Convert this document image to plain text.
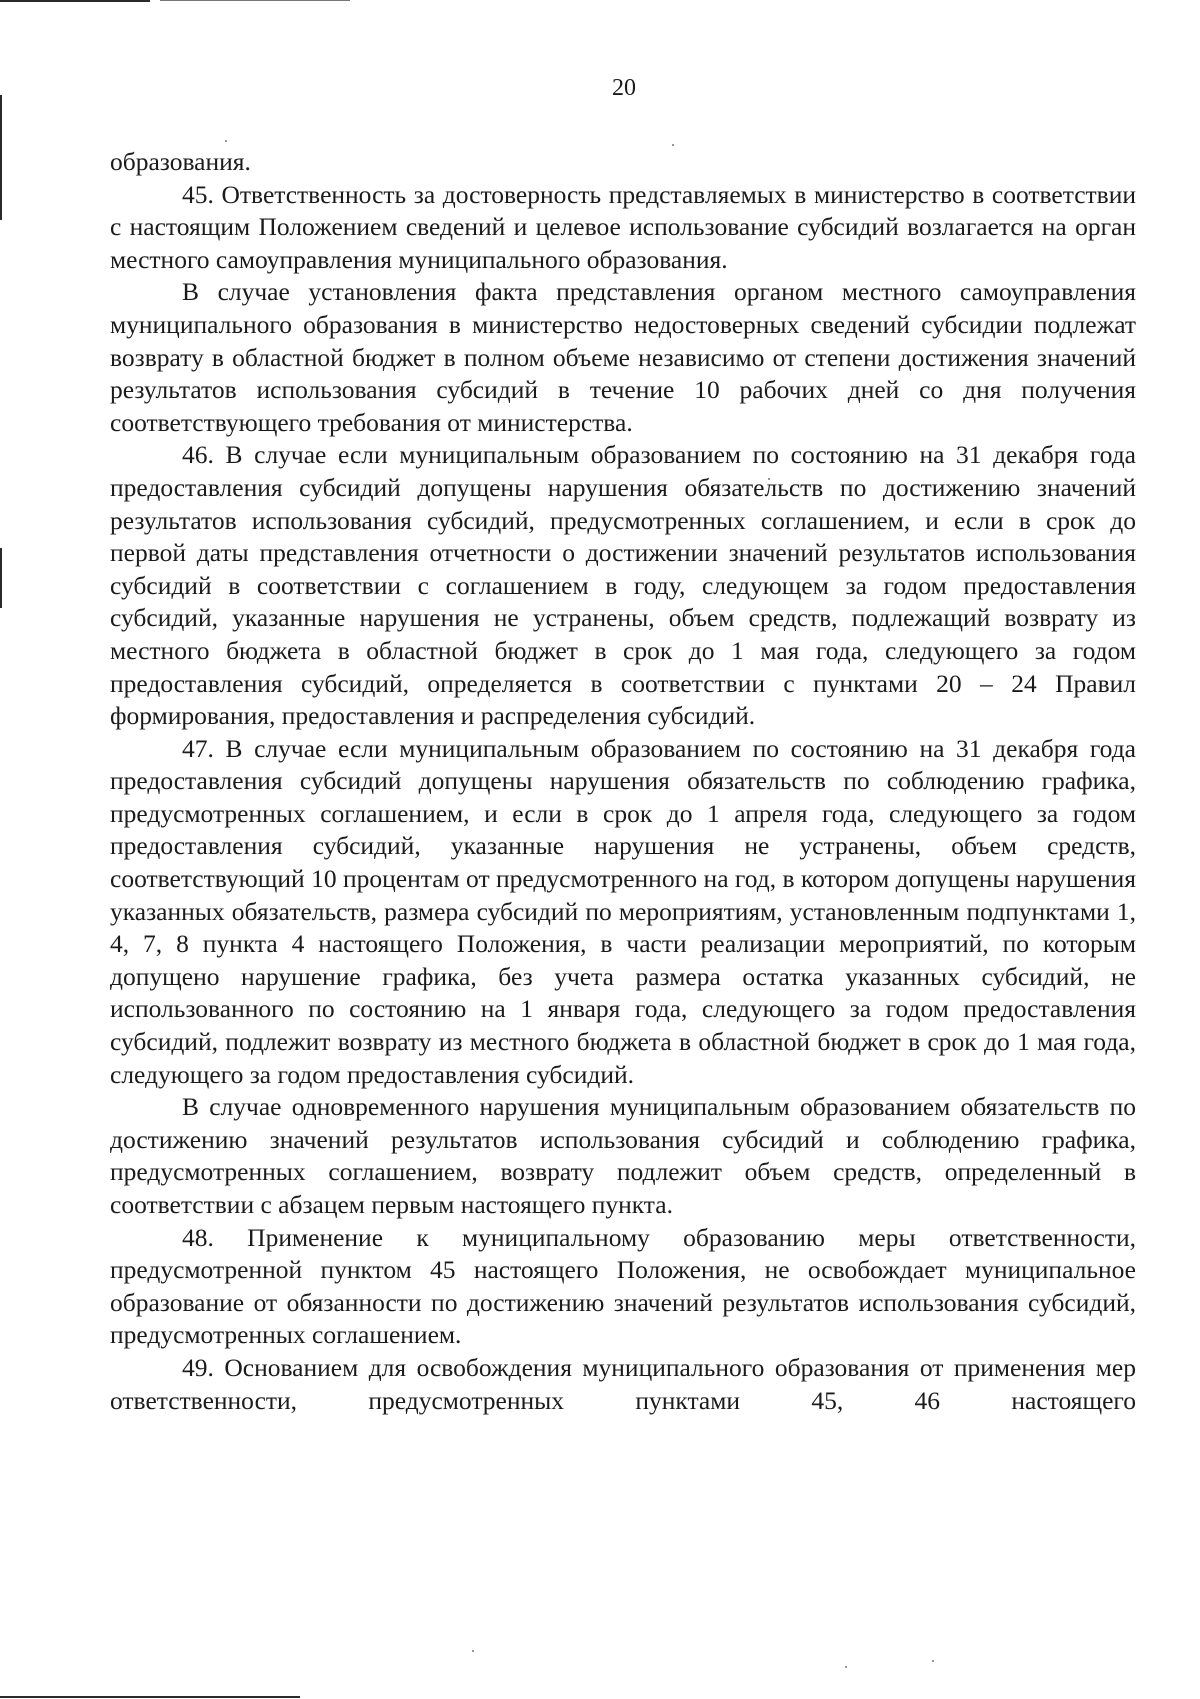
20

образования.

45. Ответственность за достоверность представляемых в министерство в соответствии с настоящим Положением сведений и целевое использование субсидий возлагается на орган местного самоуправления муниципального образования.

В случае установления факта представления органом местного самоуправления муниципального образования в министерство недостоверных сведений субсидии подлежат возврату в областной бюджет в полном объеме независимо от степени достижения значений результатов использования субсидий в течение 10 рабочих дней со дня получения соответствующего требования от министерства.

46. В случае если муниципальным образованием по состоянию на 31 декабря года предоставления субсидий допущены нарушения обязательств по достижению значений результатов использования субсидий, предусмотренных соглашением, и если в срок до первой даты представления отчетности о достижении значений результатов использования субсидий в соответствии с соглашением в году, следующем за годом предоставления субсидий, указанные нарушения не устранены, объем средств, подлежащий возврату из местного бюджета в областной бюджет в срок до 1 мая года, следующего за годом предоставления субсидий, определяется в соответствии с пунктами 20 – 24 Правил формирования, предоставления и распределения субсидий.

47. В случае если муниципальным образованием по состоянию на 31 декабря года предоставления субсидий допущены нарушения обязательств по соблюдению графика, предусмотренных соглашением, и если в срок до 1 апреля года, следующего за годом предоставления субсидий, указанные нарушения не устранены, объем средств, соответствующий 10 процентам от предусмотренного на год, в котором допущены нарушения указанных обязательств, размера субсидий по мероприятиям, установленным подпунктами 1, 4, 7, 8 пункта 4 настоящего Положения, в части реализации мероприятий, по которым допущено нарушение графика, без учета размера остатка указанных субсидий, не использованного по состоянию на 1 января года, следующего за годом предоставления субсидий, подлежит возврату из местного бюджета в областной бюджет в срок до 1 мая года, следующего за годом предоставления субсидий.

В случае одновременного нарушения муниципальным образованием обязательств по достижению значений результатов использования субсидий и соблюдению графика, предусмотренных соглашением, возврату подлежит объем средств, определенный в соответствии с абзацем первым настоящего пункта.

48. Применение к муниципальному образованию меры ответственности, предусмотренной пунктом 45 настоящего Положения, не освобождает муниципальное образование от обязанности по достижению значений результатов использования субсидий, предусмотренных соглашением.

49. Основанием для освобождения муниципального образования от применения мер ответственности, предусмотренных пунктами 45, 46 настоящего
